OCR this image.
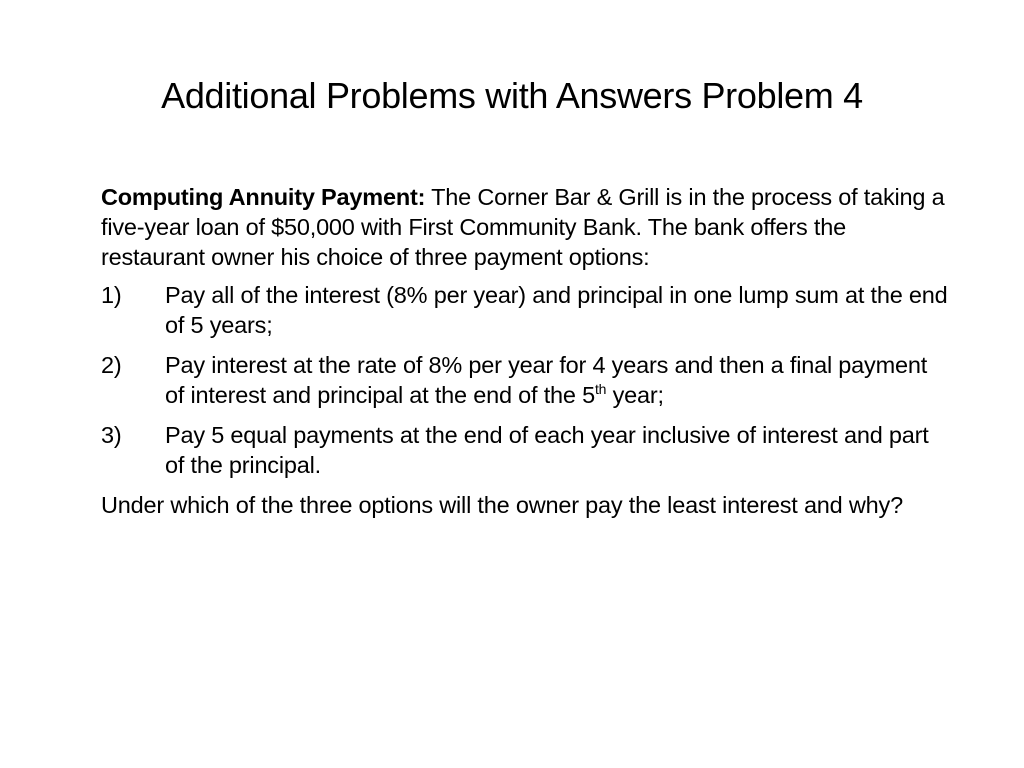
Additional Problems with Answers Problem 4

Computing Annuity Payment: The Corner Bar & Grill is in the process of taking a five-year loan of $50,000 with First Community Bank. The bank offers the restaurant owner his choice of three payment options:

1)	Pay all of the interest (8% per year) and principal in one lump sum at the end of 5 years;
2)	Pay interest at the rate of 8% per year for 4 years and then a final payment of interest and principal at the end of the 5th year;
3)	Pay 5 equal payments at the end of each year inclusive of interest and part of the principal.

Under which of the three options will the owner pay the least interest and why?
